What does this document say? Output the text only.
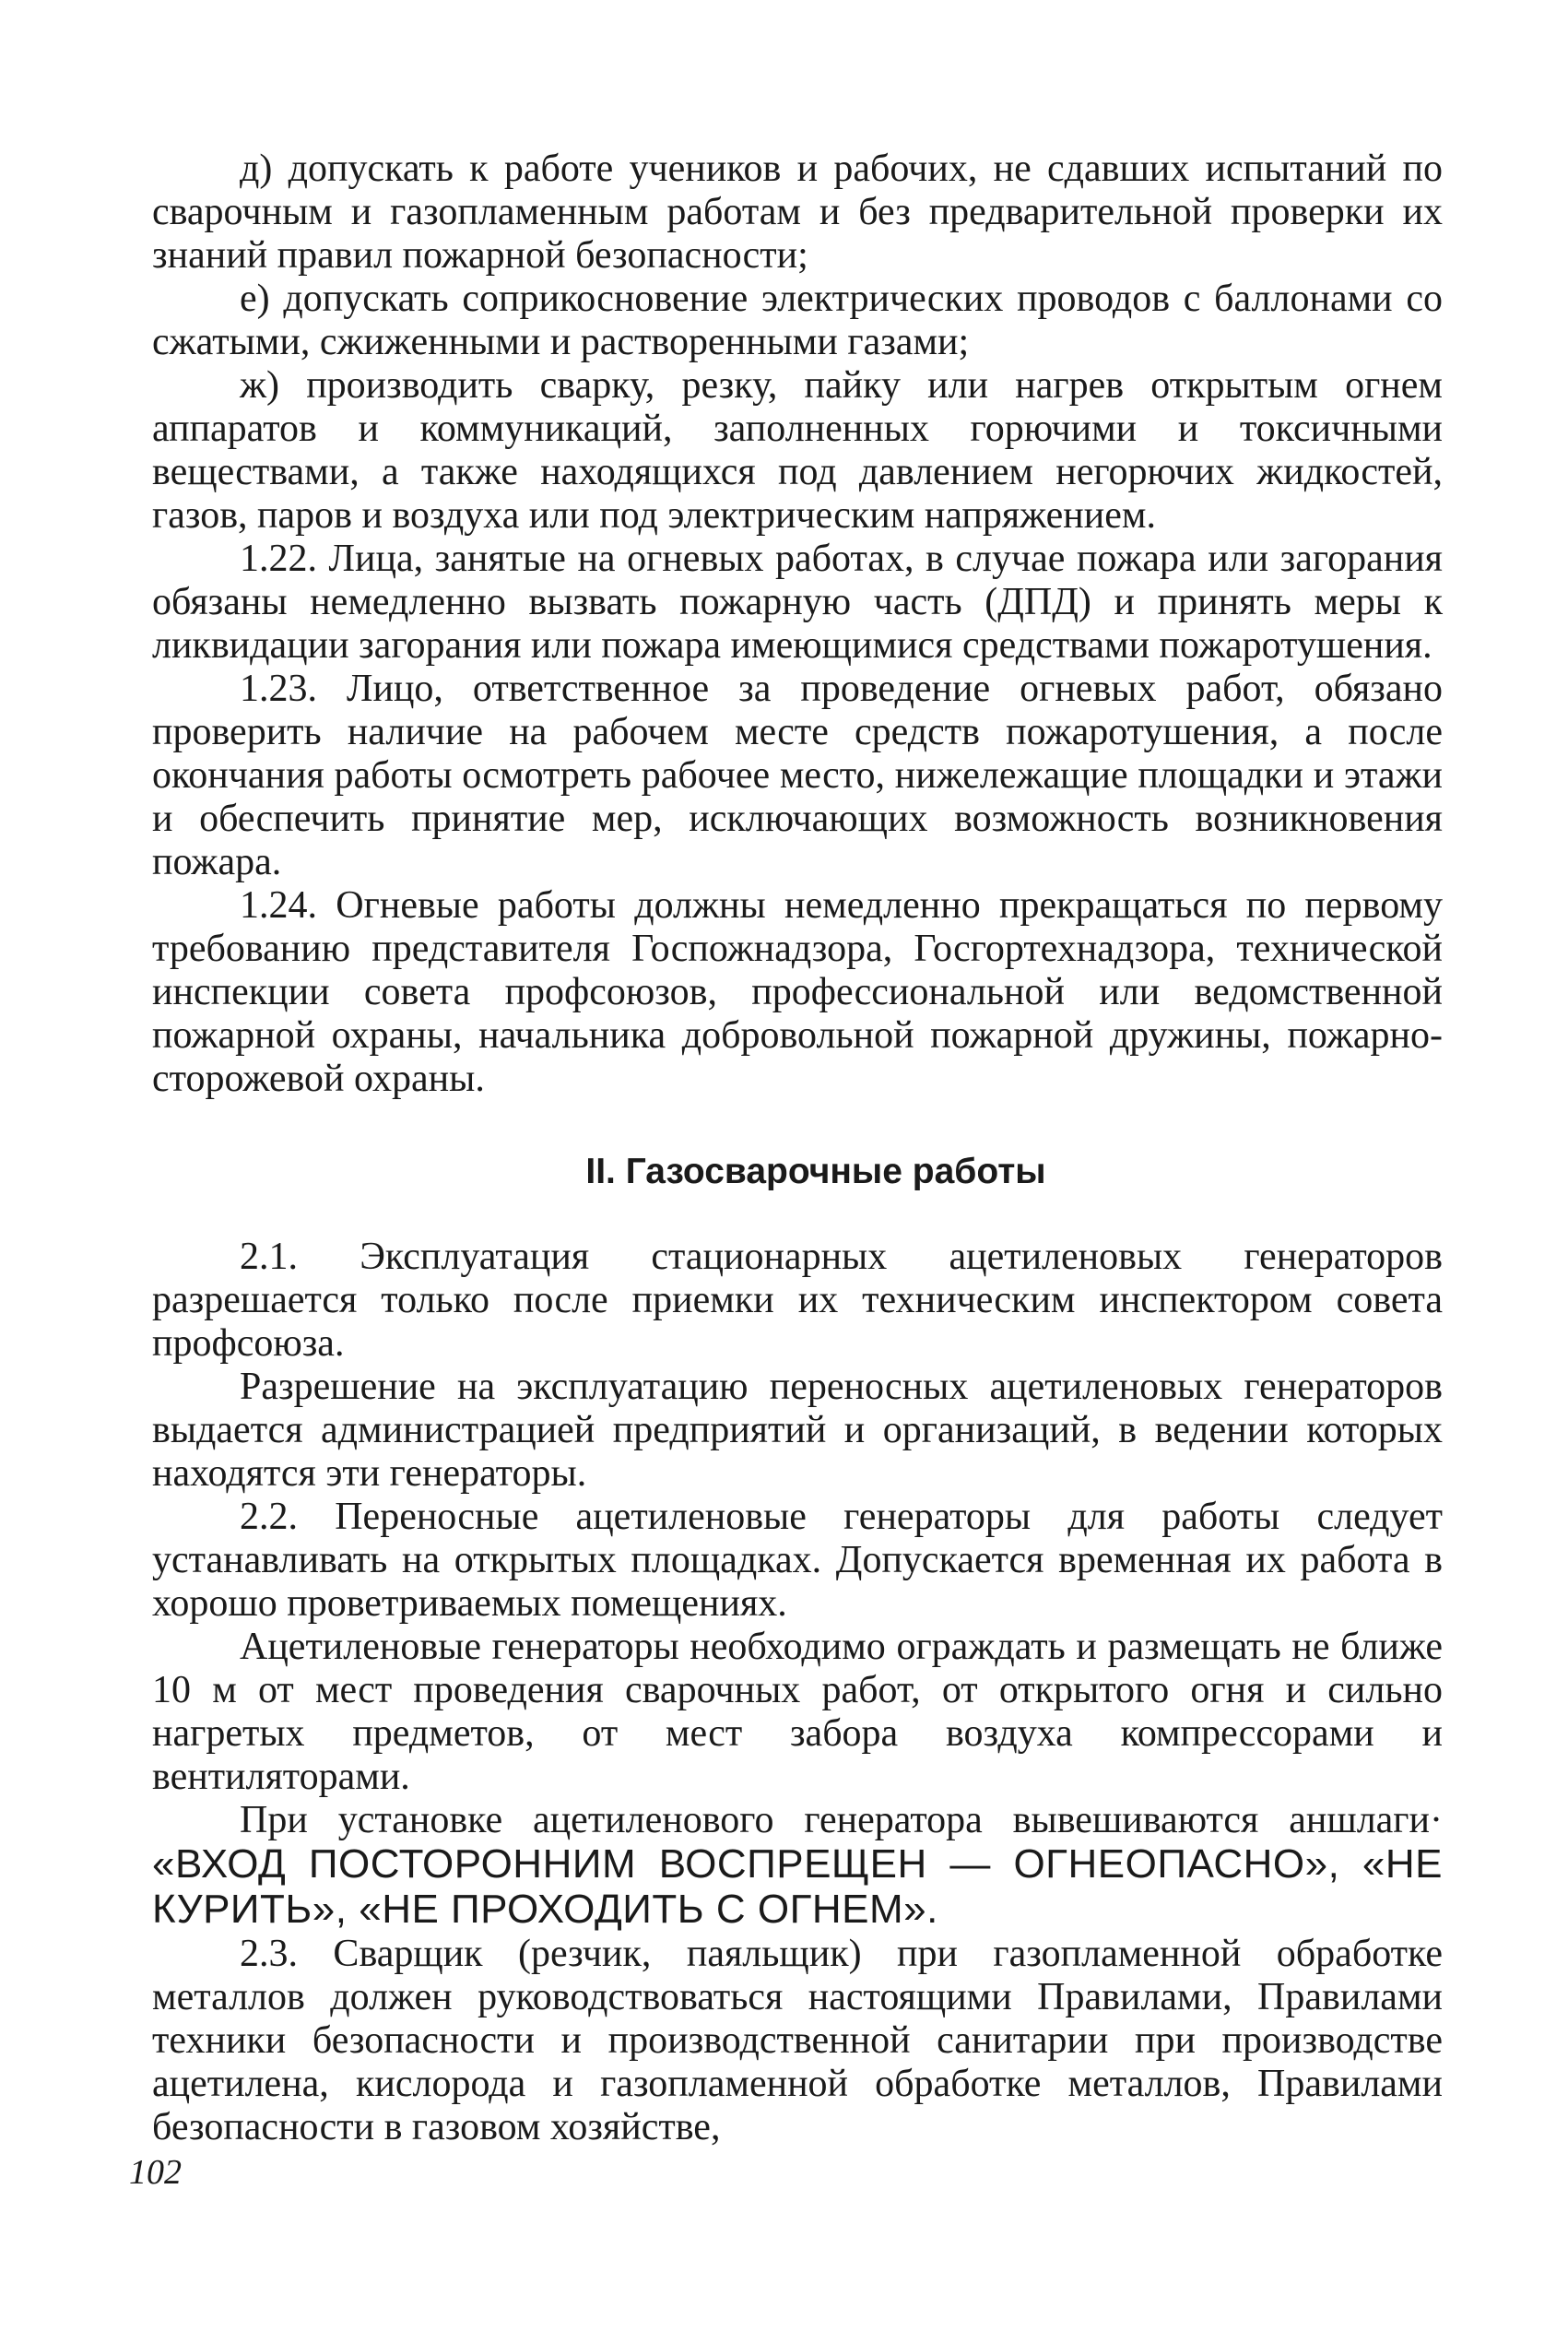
д) допускать к работе учеников и рабочих, не сдавших испытаний по сварочным и газопламенным работам и без предварительной проверки их знаний правил пожарной безопасности;

е) допускать соприкосновение электрических проводов с баллонами со сжатыми, сжиженными и растворенными газами;

ж) производить сварку, резку, пайку или нагрев открытым огнем аппаратов и коммуникаций, заполненных горючими и токсичными веществами, а также находящихся под давлением негорючих жидкостей, газов, паров и воздуха или под электрическим напряжением.

1.22. Лица, занятые на огневых работах, в случае пожара или загорания обязаны немедленно вызвать пожарную часть (ДПД) и принять меры к ликвидации загорания или пожара имеющимися средствами пожаротушения.

1.23. Лицо, ответственное за проведение огневых работ, обязано проверить наличие на рабочем месте средств пожаротушения, а после окончания работы осмотреть рабочее место, нижележащие площадки и этажи и обеспечить принятие мер, исключающих возможность возникновения пожара.

1.24. Огневые работы должны немедленно прекращаться по первому требованию представителя Госпожнадзора, Госгортехнадзора, технической инспекции совета профсоюзов, профессиональной или ведомственной пожарной охраны, начальника добровольной пожарной дружины, пожарно-сторожевой охраны.

II. Газосварочные работы

2.1. Эксплуатация стационарных ацетиленовых генераторов разрешается только после приемки их техническим инспектором совета профсоюза.

Разрешение на эксплуатацию переносных ацетиленовых генераторов выдается администрацией предприятий и организаций, в ведении которых находятся эти генераторы.

2.2. Переносные ацетиленовые генераторы для работы следует устанавливать на открытых площадках. Допускается временная их работа в хорошо проветриваемых помещениях.

Ацетиленовые генераторы необходимо ограждать и размещать не ближе 10 м от мест проведения сварочных работ, от открытого огня и сильно нагретых предметов, от мест забора воздуха компрессорами и вентиляторами.

При установке ацетиленового генератора вывешиваются аншлаги· «ВХОД ПОСТОРОННИМ ВОСПРЕЩЕН — ОГНЕОПАСНО», «НЕ КУРИТЬ», «НЕ ПРОХОДИТЬ С ОГНЕМ».

2.3. Сварщик (резчик, паяльщик) при газопламенной обработке металлов должен руководствоваться настоящими Правилами, Правилами техники безопасности и производственной санитарии при производстве ацетилена, кислорода и газопламенной обработке металлов, Правилами безопасности в газовом хозяйстве,

102
